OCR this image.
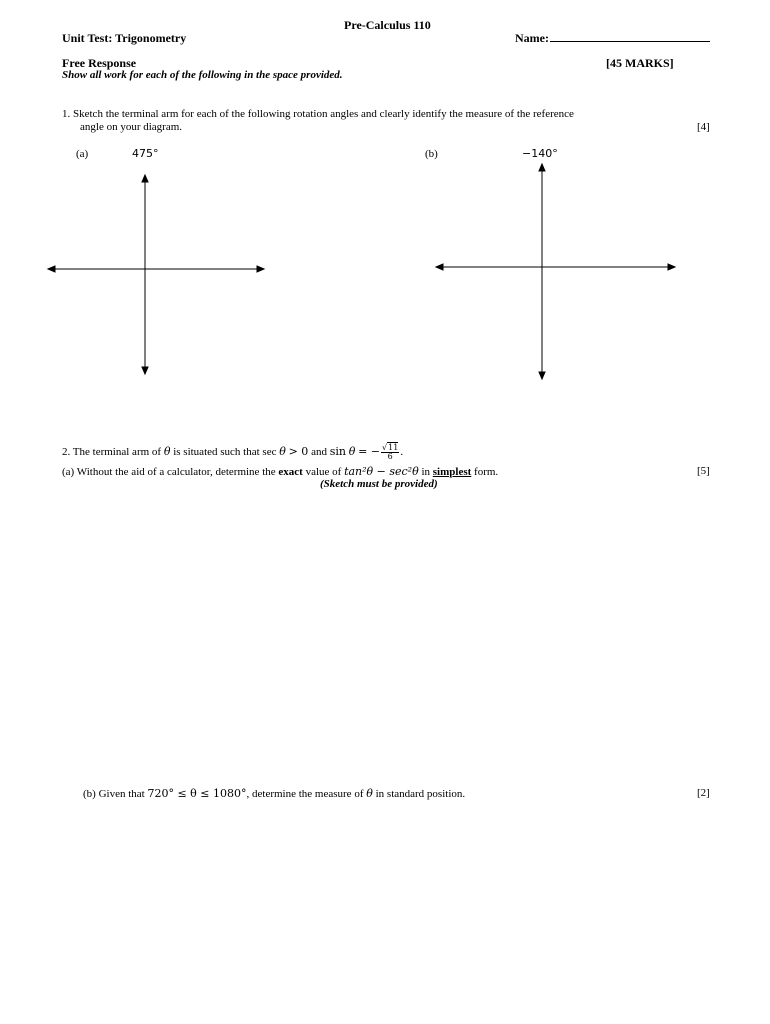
Pre-Calculus 110
Unit Test: Trigonometry	Name:
Free Response	[45 MARKS]
Show all work for each of the following in the space provided.
1. Sketch the terminal arm for each of the following rotation angles and clearly identify the measure of the reference
angle on your diagram.	[4]
(a)	475°	(b)	−140°
2. The terminal arm of θ is situated such that sec θ > 0 and sin θ = − $\frac{√11}{6}$ .
(a) Without the aid of a calculator, determine the exact value of tan²θ − sec²θ in simplest form.	[5]
(Sketch must be provided)
(b) Given that 720° ≤ θ ≤ 1080°, determine the measure of θ in standard position.	[2]
